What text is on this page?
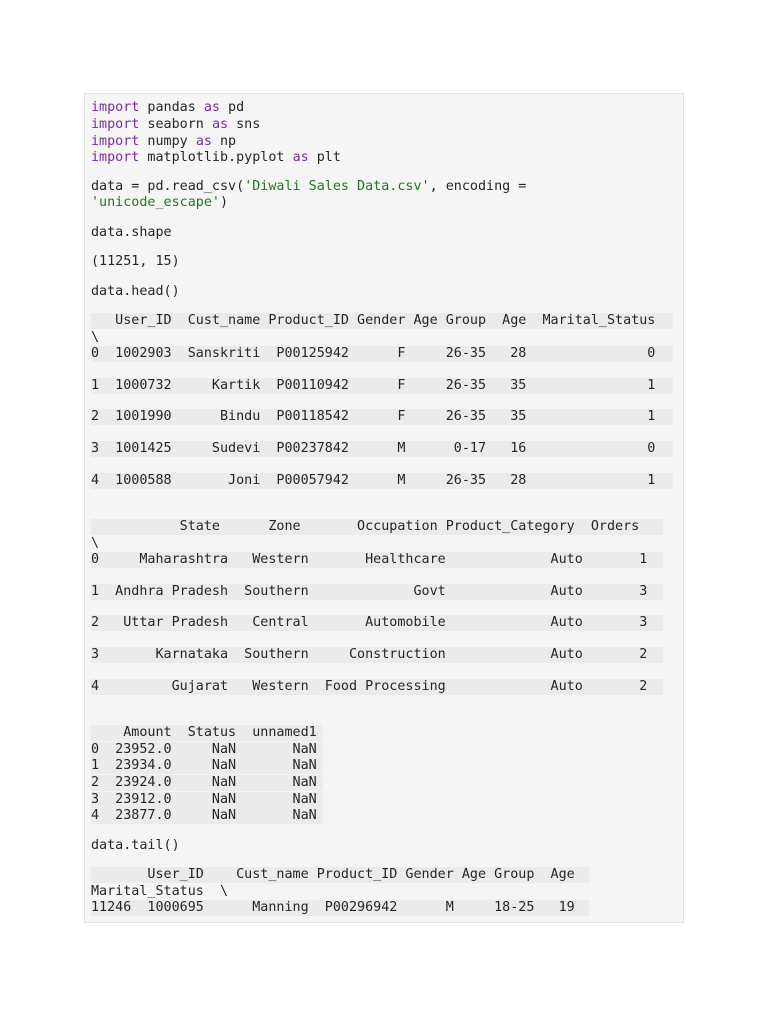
import pandas as pd

import seaborn as sns

import numpy as np

import matplotlib.pyplot as plt

data = pd.read_csv('Diwali Sales Data.csv', encoding =

'unicode_escape')

data.shape

(11251, 15)

data.head()

User_ID  Cust_name Product_ID Gender Age Group  Age  Marital_Status

\

0  1002903  Sanskriti  P00125942      F     26-35   28               0

1  1000732     Kartik  P00110942      F     26-35   35               1

2  1001990      Bindu  P00118542      F     26-35   35               1

3  1001425     Sudevi  P00237842      M      0-17   16               0

4  1000588       Joni  P00057942      M     26-35   28               1

State      Zone       Occupation Product_Category  Orders

\

0     Maharashtra   Western       Healthcare             Auto       1

1  Andhra Pradesh  Southern             Govt             Auto       3

2   Uttar Pradesh   Central       Automobile             Auto       3

3       Karnataka  Southern     Construction             Auto       2

4         Gujarat   Western  Food Processing             Auto       2

Amount  Status  unnamed1

0  23952.0     NaN       NaN

1  23934.0     NaN       NaN

2  23924.0     NaN       NaN

3  23912.0     NaN       NaN

4  23877.0     NaN       NaN

data.tail()

User_ID    Cust_name Product_ID Gender Age Group  Age

Marital_Status  \

11246  1000695      Manning  P00296942      M     18-25   19
